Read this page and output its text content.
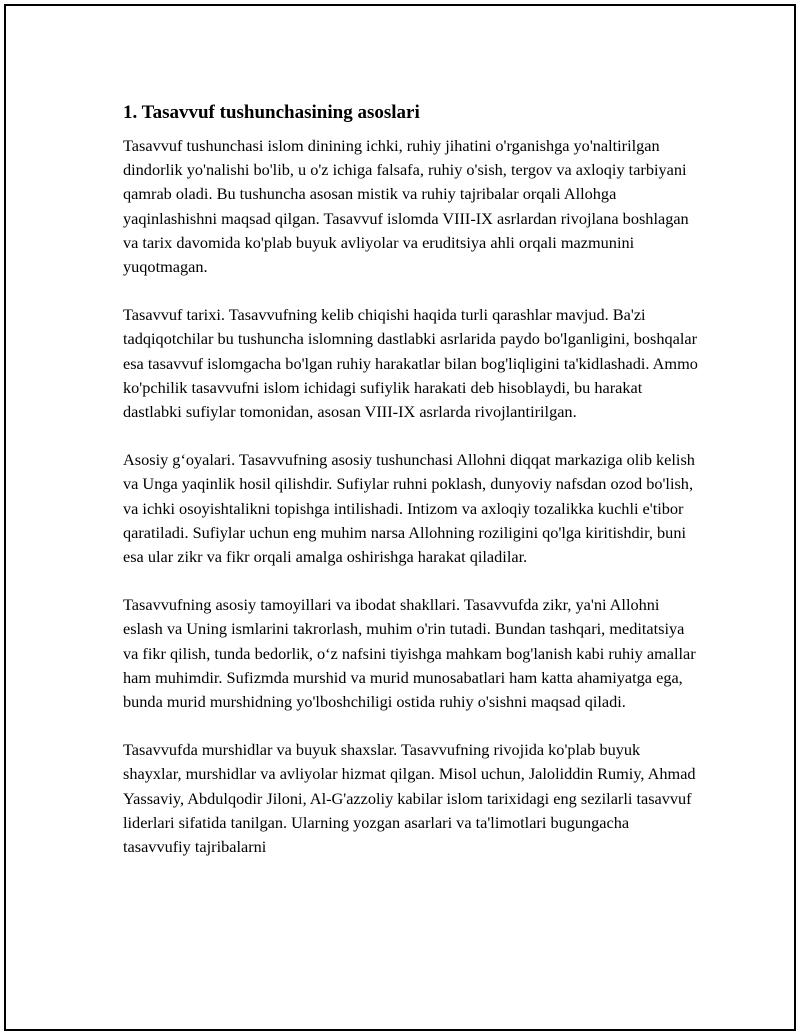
1. Tasavvuf tushunchasining asoslari

Tasavvuf tushunchasi islom dinining ichki, ruhiy jihatini o'rganishga yo'naltirilgan dindorlik yo'nalishi bo'lib, u o'z ichiga falsafa, ruhiy o'sish, tergov va axloqiy tarbiyani qamrab oladi. Bu tushuncha asosan mistik va ruhiy tajribalar orqali Allohga yaqinlashishni maqsad qilgan. Tasavvuf islomda VIII-IX asrlardan rivojlana boshlagan va tarix davomida ko'plab buyuk avliyolar va eruditsiya ahli orqali mazmunini yuqotmagan.

Tasavvuf tarixi. Tasavvufning kelib chiqishi haqida turli qarashlar mavjud. Ba'zi tadqiqotchilar bu tushuncha islomning dastlabki asrlarida paydo bo'lganligini, boshqalar esa tasavvuf islomgacha bo'lgan ruhiy harakatlar bilan bog'liqligini ta'kidlashadi. Ammo ko'pchilik tasavvufni islom ichidagi sufiylik harakati deb hisoblaydi, bu harakat dastlabki sufiylar tomonidan, asosan VIII-IX asrlarda rivojlantirilgan.

Asosiy g‘oyalari. Tasavvufning asosiy tushunchasi Allohni diqqat markaziga olib kelish va Unga yaqinlik hosil qilishdir. Sufiylar ruhni poklash, dunyoviy nafsdan ozod bo'lish, va ichki osoyishtalikni topishga intilishadi. Intizom va axloqiy tozalikka kuchli e'tibor qaratiladi. Sufiylar uchun eng muhim narsa Allohning roziligini qo'lga kiritishdir, buni esa ular zikr va fikr orqali amalga oshirishga harakat qiladilar.

Tasavvufning asosiy tamoyillari va ibodat shakllari. Tasavvufda zikr, ya'ni Allohni eslash va Uning ismlarini takrorlash, muhim o'rin tutadi. Bundan tashqari, meditatsiya va fikr qilish, tunda bedorlik, o‘z nafsini tiyishga mahkam bog'lanish kabi ruhiy amallar ham muhimdir. Sufizmda murshid va murid munosabatlari ham katta ahamiyatga ega, bunda murid murshidning yo'lboshchiligi ostida ruhiy o'sishni maqsad qiladi.

Tasavvufda murshidlar va buyuk shaxslar. Tasavvufning rivojida ko'plab buyuk shayxlar, murshidlar va avliyolar hizmat qilgan. Misol uchun, Jaloliddin Rumiy, Ahmad Yassaviy, Abdulqodir Jiloni, Al-G'azzoliy kabilar islom tarixidagi eng sezilarli tasavvuf liderlari sifatida tanilgan. Ularning yozgan asarlari va ta'limotlari bugungacha tasavvufiy tajribalarni
